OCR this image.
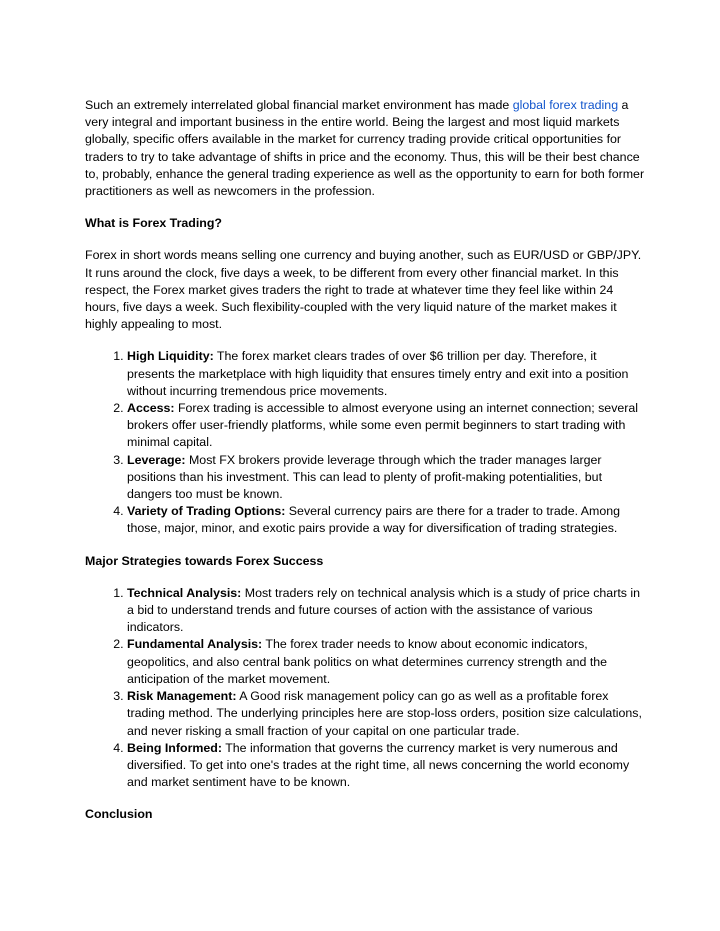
Such an extremely interrelated global financial market environment has made global forex trading a very integral and important business in the entire world. Being the largest and most liquid markets globally, specific offers available in the market for currency trading provide critical opportunities for traders to try to take advantage of shifts in price and the economy. Thus, this will be their best chance to, probably, enhance the general trading experience as well as the opportunity to earn for both former practitioners as well as newcomers in the profession.

What is Forex Trading?

Forex in short words means selling one currency and buying another, such as EUR/USD or GBP/JPY. It runs around the clock, five days a week, to be different from every other financial market. In this respect, the Forex market gives traders the right to trade at whatever time they feel like within 24 hours, five days a week. Such flexibility-coupled with the very liquid nature of the market makes it highly appealing to most.

1. High Liquidity: The forex market clears trades of over $6 trillion per day. Therefore, it presents the marketplace with high liquidity that ensures timely entry and exit into a position without incurring tremendous price movements.
2. Access: Forex trading is accessible to almost everyone using an internet connection; several brokers offer user-friendly platforms, while some even permit beginners to start trading with minimal capital.
3. Leverage: Most FX brokers provide leverage through which the trader manages larger positions than his investment. This can lead to plenty of profit-making potentialities, but dangers too must be known.
4. Variety of Trading Options: Several currency pairs are there for a trader to trade. Among those, major, minor, and exotic pairs provide a way for diversification of trading strategies.
Major Strategies towards Forex Success
1. Technical Analysis: Most traders rely on technical analysis which is a study of price charts in a bid to understand trends and future courses of action with the assistance of various indicators.
2. Fundamental Analysis: The forex trader needs to know about economic indicators, geopolitics, and also central bank politics on what determines currency strength and the anticipation of the market movement.
3. Risk Management: A Good risk management policy can go as well as a profitable forex trading method. The underlying principles here are stop-loss orders, position size calculations, and never risking a small fraction of your capital on one particular trade.
4. Being Informed: The information that governs the currency market is very numerous and diversified. To get into one's trades at the right time, all news concerning the world economy and market sentiment have to be known.
Conclusion
